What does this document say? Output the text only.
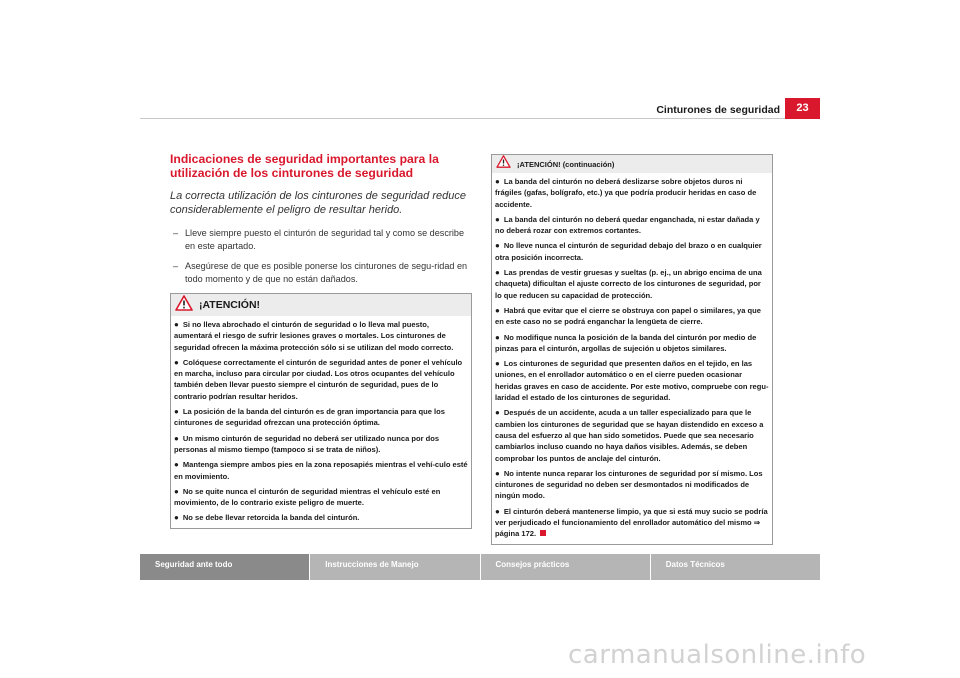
Cinturones de seguridad	23
Indicaciones de seguridad importantes para la utilización de los cinturones de seguridad

La correcta utilización de los cinturones de seguridad reduce considerablemente el peligro de resultar herido.

– Lleve siempre puesto el cinturón de seguridad tal y como se describe en este apartado.
– Asegúrese de que es posible ponerse los cinturones de segu-ridad en todo momento y de que no están dañados.
¡ATENCIÓN!

● Si no lleva abrochado el cinturón de seguridad o lo lleva mal puesto, aumentará el riesgo de sufrir lesiones graves o mortales. Los cinturones de seguridad ofrecen la máxima protección sólo si se utilizan del modo correcto.

● Colóquese correctamente el cinturón de seguridad antes de poner el vehículo en marcha, incluso para circular por ciudad. Los otros ocupantes del vehículo también deben llevar puesto siempre el cinturón de seguridad, pues de lo contrario podrían resultar heridos.

● La posición de la banda del cinturón es de gran importancia para que los cinturones de seguridad ofrezcan una protección óptima.

● Un mismo cinturón de seguridad no deberá ser utilizado nunca por dos personas al mismo tiempo (tampoco si se trata de niños).

● Mantenga siempre ambos pies en la zona reposapiés mientras el vehí-culo esté en movimiento.

● No se quite nunca el cinturón de seguridad mientras el vehículo esté en movimiento, de lo contrario existe peligro de muerte.

● No se debe llevar retorcida la banda del cinturón.

¡ATENCIÓN! (continuación)

● La banda del cinturón no deberá deslizarse sobre objetos duros ni frágiles (gafas, bolígrafo, etc.) ya que podría producir heridas en caso de accidente.

● La banda del cinturón no deberá quedar enganchada, ni estar dañada y no deberá rozar con extremos cortantes.

● No lleve nunca el cinturón de seguridad debajo del brazo o en cualquier otra posición incorrecta.

● Las prendas de vestir gruesas y sueltas (p. ej., un abrigo encima de una chaqueta) dificultan el ajuste correcto de los cinturones de seguridad, por lo que reducen su capacidad de protección.

● Habrá que evitar que el cierre se obstruya con papel o similares, ya que en este caso no se podrá enganchar la lengüeta de cierre.

● No modifique nunca la posición de la banda del cinturón por medio de pinzas para el cinturón, argollas de sujeción u objetos similares.

● Los cinturones de seguridad que presenten daños en el tejido, en las uniones, en el enrollador automático o en el cierre pueden ocasionar heridas graves en caso de accidente. Por este motivo, compruebe con regu-laridad el estado de los cinturones de seguridad.

● Después de un accidente, acuda a un taller especializado para que le cambien los cinturones de seguridad que se hayan distendido en exceso a causa del esfuerzo al que han sido sometidos. Puede que sea necesario cambiarlos incluso cuando no haya daños visibles. Además, se deben comprobar los puntos de anclaje del cinturón.

● No intente nunca reparar los cinturones de seguridad por sí mismo. Los cinturones de seguridad no deben ser desmontados ni modificados de ningún modo.

● El cinturón deberá mantenerse limpio, ya que si está muy sucio se podría ver perjudicado el funcionamiento del enrollador automático del mismo ⇒ página 172.

Seguridad ante todo	Instrucciones de Manejo	Consejos prácticos	Datos Técnicos
carmanualsonline.info
